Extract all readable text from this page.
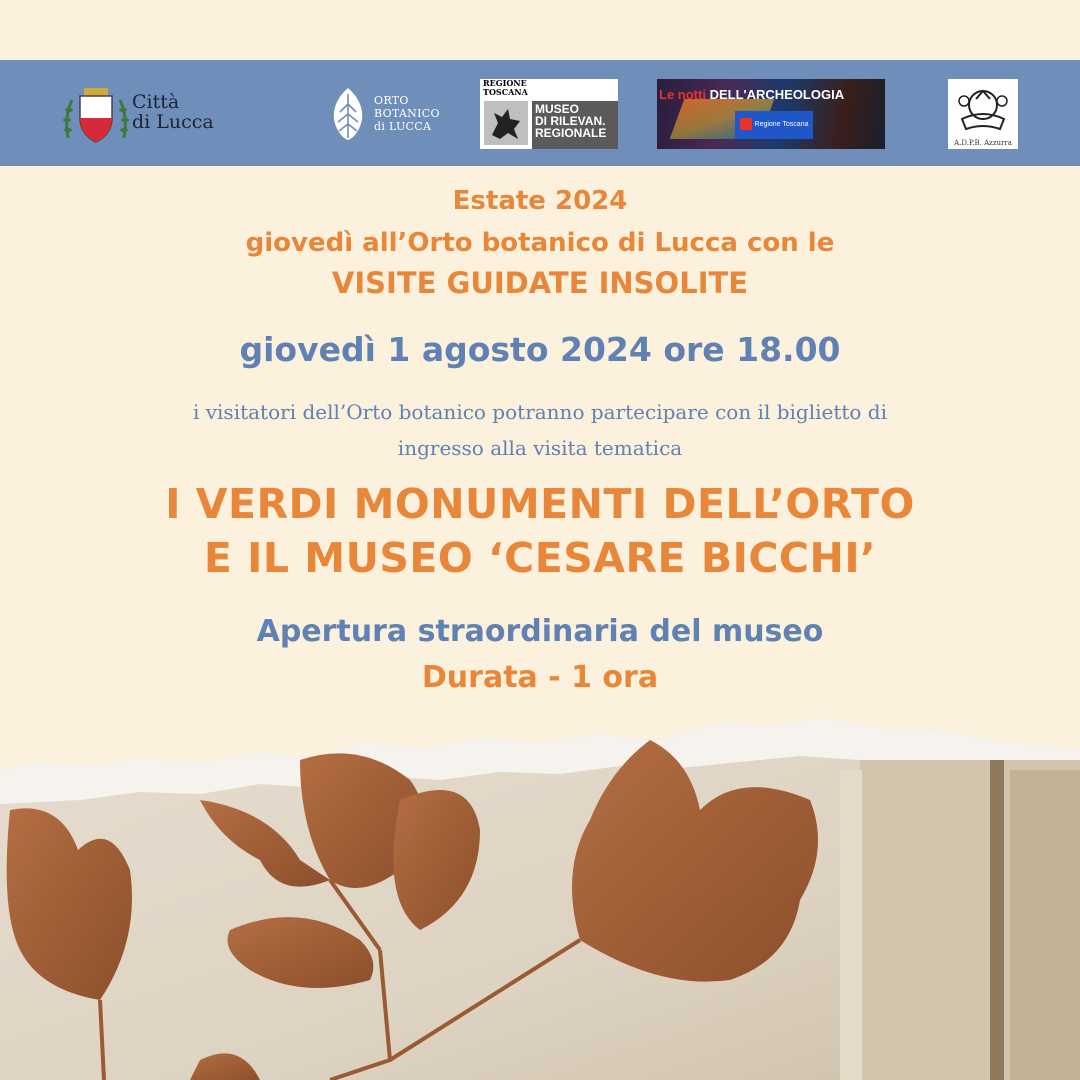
Città
di Lucca
ORTO
BOTANICO
di LUCCA
REGIONE
TOSCANA
MUSEO
DI RILEVAN.
REGIONALE
Le notti DELL'ARCHEOLOGIA
Regione Toscana
A.D.P.B. Azzurra
Estate 2024
giovedì all’Orto botanico di Lucca con le
VISITE GUIDATE INSOLITE
giovedì 1 agosto 2024 ore 18.00
i visitatori dell’Orto botanico potranno partecipare con il biglietto di
ingresso alla visita tematica
I VERDI MONUMENTI DELL’ORTO
E IL MUSEO ‘CESARE BICCHI’
Apertura straordinaria del museo
Durata - 1 ora
